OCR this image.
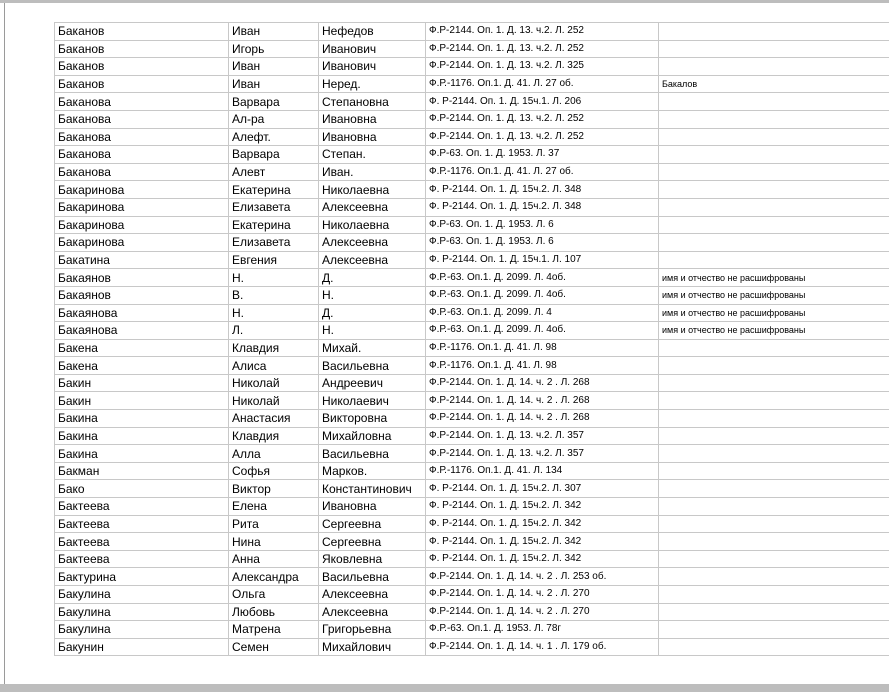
Баканов	Иван	Нефедов	Ф.Р-2144. Оп. 1. Д. 13. ч.2. Л. 252	
Баканов	Игорь	Иванович	Ф.Р-2144. Оп. 1. Д. 13. ч.2. Л. 252	
Баканов	Иван	Иванович	Ф.Р-2144. Оп. 1. Д. 13. ч.2. Л. 325	
Баканов	Иван	Неред.	Ф.Р.-1176. Оп.1. Д. 41. Л. 27 об.	Бакалов
Баканова	Варвара	Степановна	Ф. Р-2144. Оп. 1. Д. 15ч.1. Л. 206	
Баканова	Ал-ра	Ивановна	Ф.Р-2144. Оп. 1. Д. 13. ч.2. Л. 252	
Баканова	Алефт.	Ивановна	Ф.Р-2144. Оп. 1. Д. 13. ч.2. Л. 252	
Баканова	Варвара	Степан.	Ф.Р-63. Оп. 1. Д. 1953. Л. 37	
Баканова	Алевт	Иван.	Ф.Р.-1176. Оп.1. Д. 41. Л. 27 об.	
Бакаринова	Екатерина	Николаевна	Ф. Р-2144. Оп. 1. Д. 15ч.2. Л. 348	
Бакаринова	Елизавета	Алексеевна	Ф. Р-2144. Оп. 1. Д. 15ч.2. Л. 348	
Бакаринова	Екатерина	Николаевна	Ф.Р-63. Оп. 1. Д. 1953. Л. 6	
Бакаринова	Елизавета	Алексеевна	Ф.Р-63. Оп. 1. Д. 1953. Л. 6	
Бакатина	Евгения	Алексеевна	Ф. Р-2144. Оп. 1. Д. 15ч.1. Л. 107	
Бакаянов	Н.	Д.	Ф.Р.-63. Оп.1. Д. 2099. Л. 4об.	имя и отчество не расшифрованы
Бакаянов	В.	Н.	Ф.Р.-63. Оп.1. Д. 2099. Л. 4об.	имя и отчество не расшифрованы
Бакаянова	Н.	Д.	Ф.Р.-63. Оп.1. Д. 2099. Л. 4	имя и отчество не расшифрованы
Бакаянова	Л.	Н.	Ф.Р.-63. Оп.1. Д. 2099. Л. 4об.	имя и отчество не расшифрованы
Бакена	Клавдия	Михай.	Ф.Р.-1176. Оп.1. Д. 41. Л. 98	
Бакена	Алиса	Васильевна	Ф.Р.-1176. Оп.1. Д. 41. Л. 98	
Бакин	Николай	Андреевич	Ф.Р-2144. Оп. 1. Д. 14. ч. 2 . Л. 268	
Бакин	Николай	Николаевич	Ф.Р-2144. Оп. 1. Д. 14. ч. 2 . Л. 268	
Бакина	Анастасия	Викторовна	Ф.Р-2144. Оп. 1. Д. 14. ч. 2 . Л. 268	
Бакина	Клавдия	Михайловна	Ф.Р-2144. Оп. 1. Д. 13. ч.2. Л. 357	
Бакина	Алла	Васильевна	Ф.Р-2144. Оп. 1. Д. 13. ч.2. Л. 357	
Бакман	Софья	Марков.	Ф.Р.-1176. Оп.1. Д. 41. Л. 134	
Бако	Виктор	Константинович	Ф. Р-2144. Оп. 1. Д. 15ч.2. Л. 307	
Бактеева	Елена	Ивановна	Ф. Р-2144. Оп. 1. Д. 15ч.2. Л. 342	
Бактеева	Рита	Сергеевна	Ф. Р-2144. Оп. 1. Д. 15ч.2. Л. 342	
Бактеева	Нина	Сергеевна	Ф. Р-2144. Оп. 1. Д. 15ч.2. Л. 342	
Бактеева	Анна	Яковлевна	Ф. Р-2144. Оп. 1. Д. 15ч.2. Л. 342	
Бактурина	Александра	Васильевна	Ф.Р-2144. Оп. 1. Д. 14. ч. 2 . Л. 253 об.	
Бакулина	Ольга	Алексеевна	Ф.Р-2144. Оп. 1. Д. 14. ч. 2 . Л. 270	
Бакулина	Любовь	Алексеевна	Ф.Р-2144. Оп. 1. Д. 14. ч. 2 . Л. 270	
Бакулина	Матрена	Григорьевна	Ф.Р.-63. Оп.1. Д. 1953. Л. 78г	
Бакунин	Семен	Михайлович	Ф.Р-2144. Оп. 1. Д. 14. ч. 1 . Л. 179 об.	
